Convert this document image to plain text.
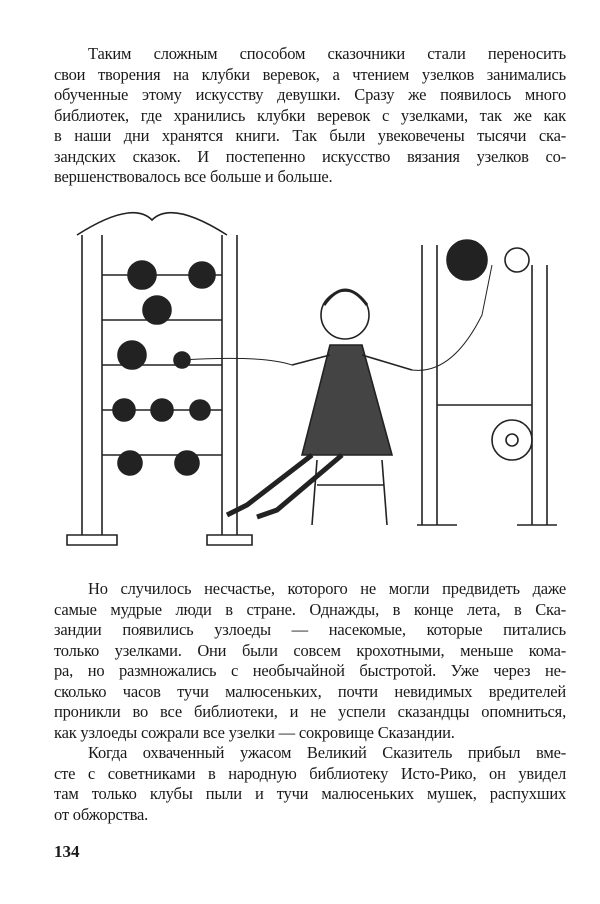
Таким сложным способом сказочники стали переносить
свои творения на клубки веревок, а чтением узелков занимались
обученные этому искусству девушки. Сразу же появилось много
библиотек, где хранились клубки веревок с узелками, так же как
в наши дни хранятся книги. Так были увековечены тысячи ска-
зандских сказок. И постепенно искусство вязания узелков со-
вершенствовалось все больше и больше.
Но случилось несчастье, которого не могли предвидеть даже
самые мудрые люди в стране. Однажды, в конце лета, в Ска-
зандии появились узлоеды — насекомые, которые питались
только узелками. Они были совсем крохотными, меньше кома-
ра, но размножались с необычайной быстротой. Уже через не-
сколько часов тучи малюсеньких, почти невидимых вредителей
проникли во все библиотеки, и не успели сказандцы опомниться,
как узлоеды сожрали все узелки — сокровище Сказандии.
Когда охваченный ужасом Великий Сказитель прибыл вме-
сте с советниками в народную библиотеку Исто-Рико, он увидел
там только клубы пыли и тучи малюсеньких мушек, распухших
от обжорства.
134
